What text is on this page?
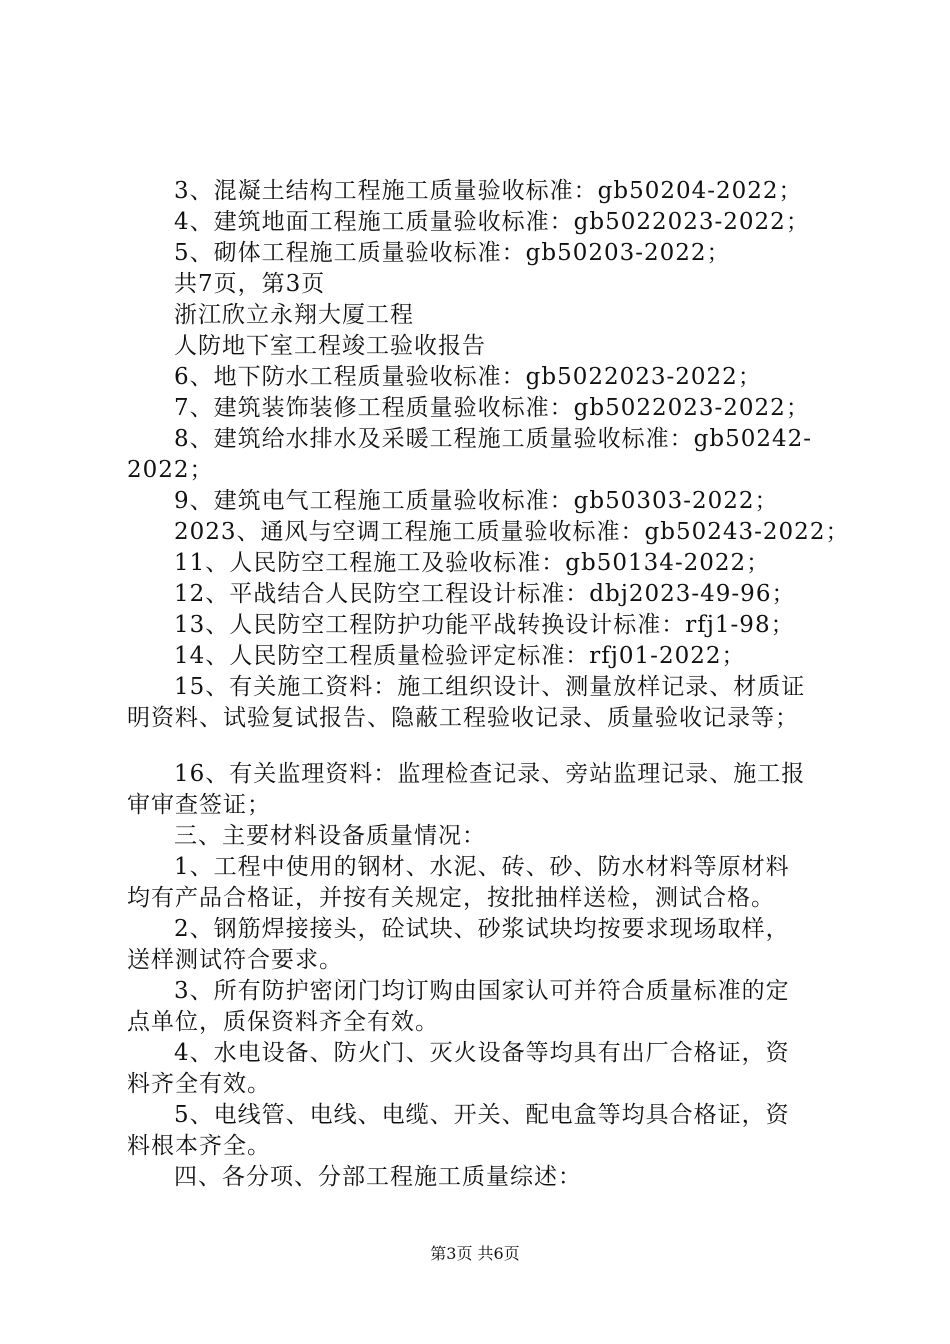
3、混凝土结构工程施工质量验收标准：gb50204-2022；
4、建筑地面工程施工质量验收标准：gb5022023-2022；
5、砌体工程施工质量验收标准：gb50203-2022；
共7页，第3页
浙江欣立永翔大厦工程
人防地下室工程竣工验收报告
6、地下防水工程质量验收标准：gb5022023-2022；
7、建筑装饰装修工程质量验收标准：gb5022023-2022；
8、建筑给水排水及采暖工程施工质量验收标准：gb50242-
2022；
9、建筑电气工程施工质量验收标准：gb50303-2022；
2023、通风与空调工程施工质量验收标准：gb50243-2022；
11、人民防空工程施工及验收标准：gb50134-2022；
12、平战结合人民防空工程设计标准：dbj2023-49-96；
13、人民防空工程防护功能平战转换设计标准：rfj1-98；
14、人民防空工程质量检验评定标准：rfj01-2022；
15、有关施工资料：施工组织设计、测量放样记录、材质证
明资料、试验复试报告、隐蔽工程验收记录、质量验收记录等；
16、有关监理资料：监理检查记录、旁站监理记录、施工报
审审查签证；
三、主要材料设备质量情况：
1、工程中使用的钢材、水泥、砖、砂、防水材料等原材料
均有产品合格证，并按有关规定，按批抽样送检，测试合格。
2、钢筋焊接接头，砼试块、砂浆试块均按要求现场取样，
送样测试符合要求。
3、所有防护密闭门均订购由国家认可并符合质量标准的定
点单位，质保资料齐全有效。
4、水电设备、防火门、灭火设备等均具有出厂合格证，资
料齐全有效。
5、电线管、电线、电缆、开关、配电盒等均具合格证，资
料根本齐全。
四、各分项、分部工程施工质量综述：
第3页 共6页
